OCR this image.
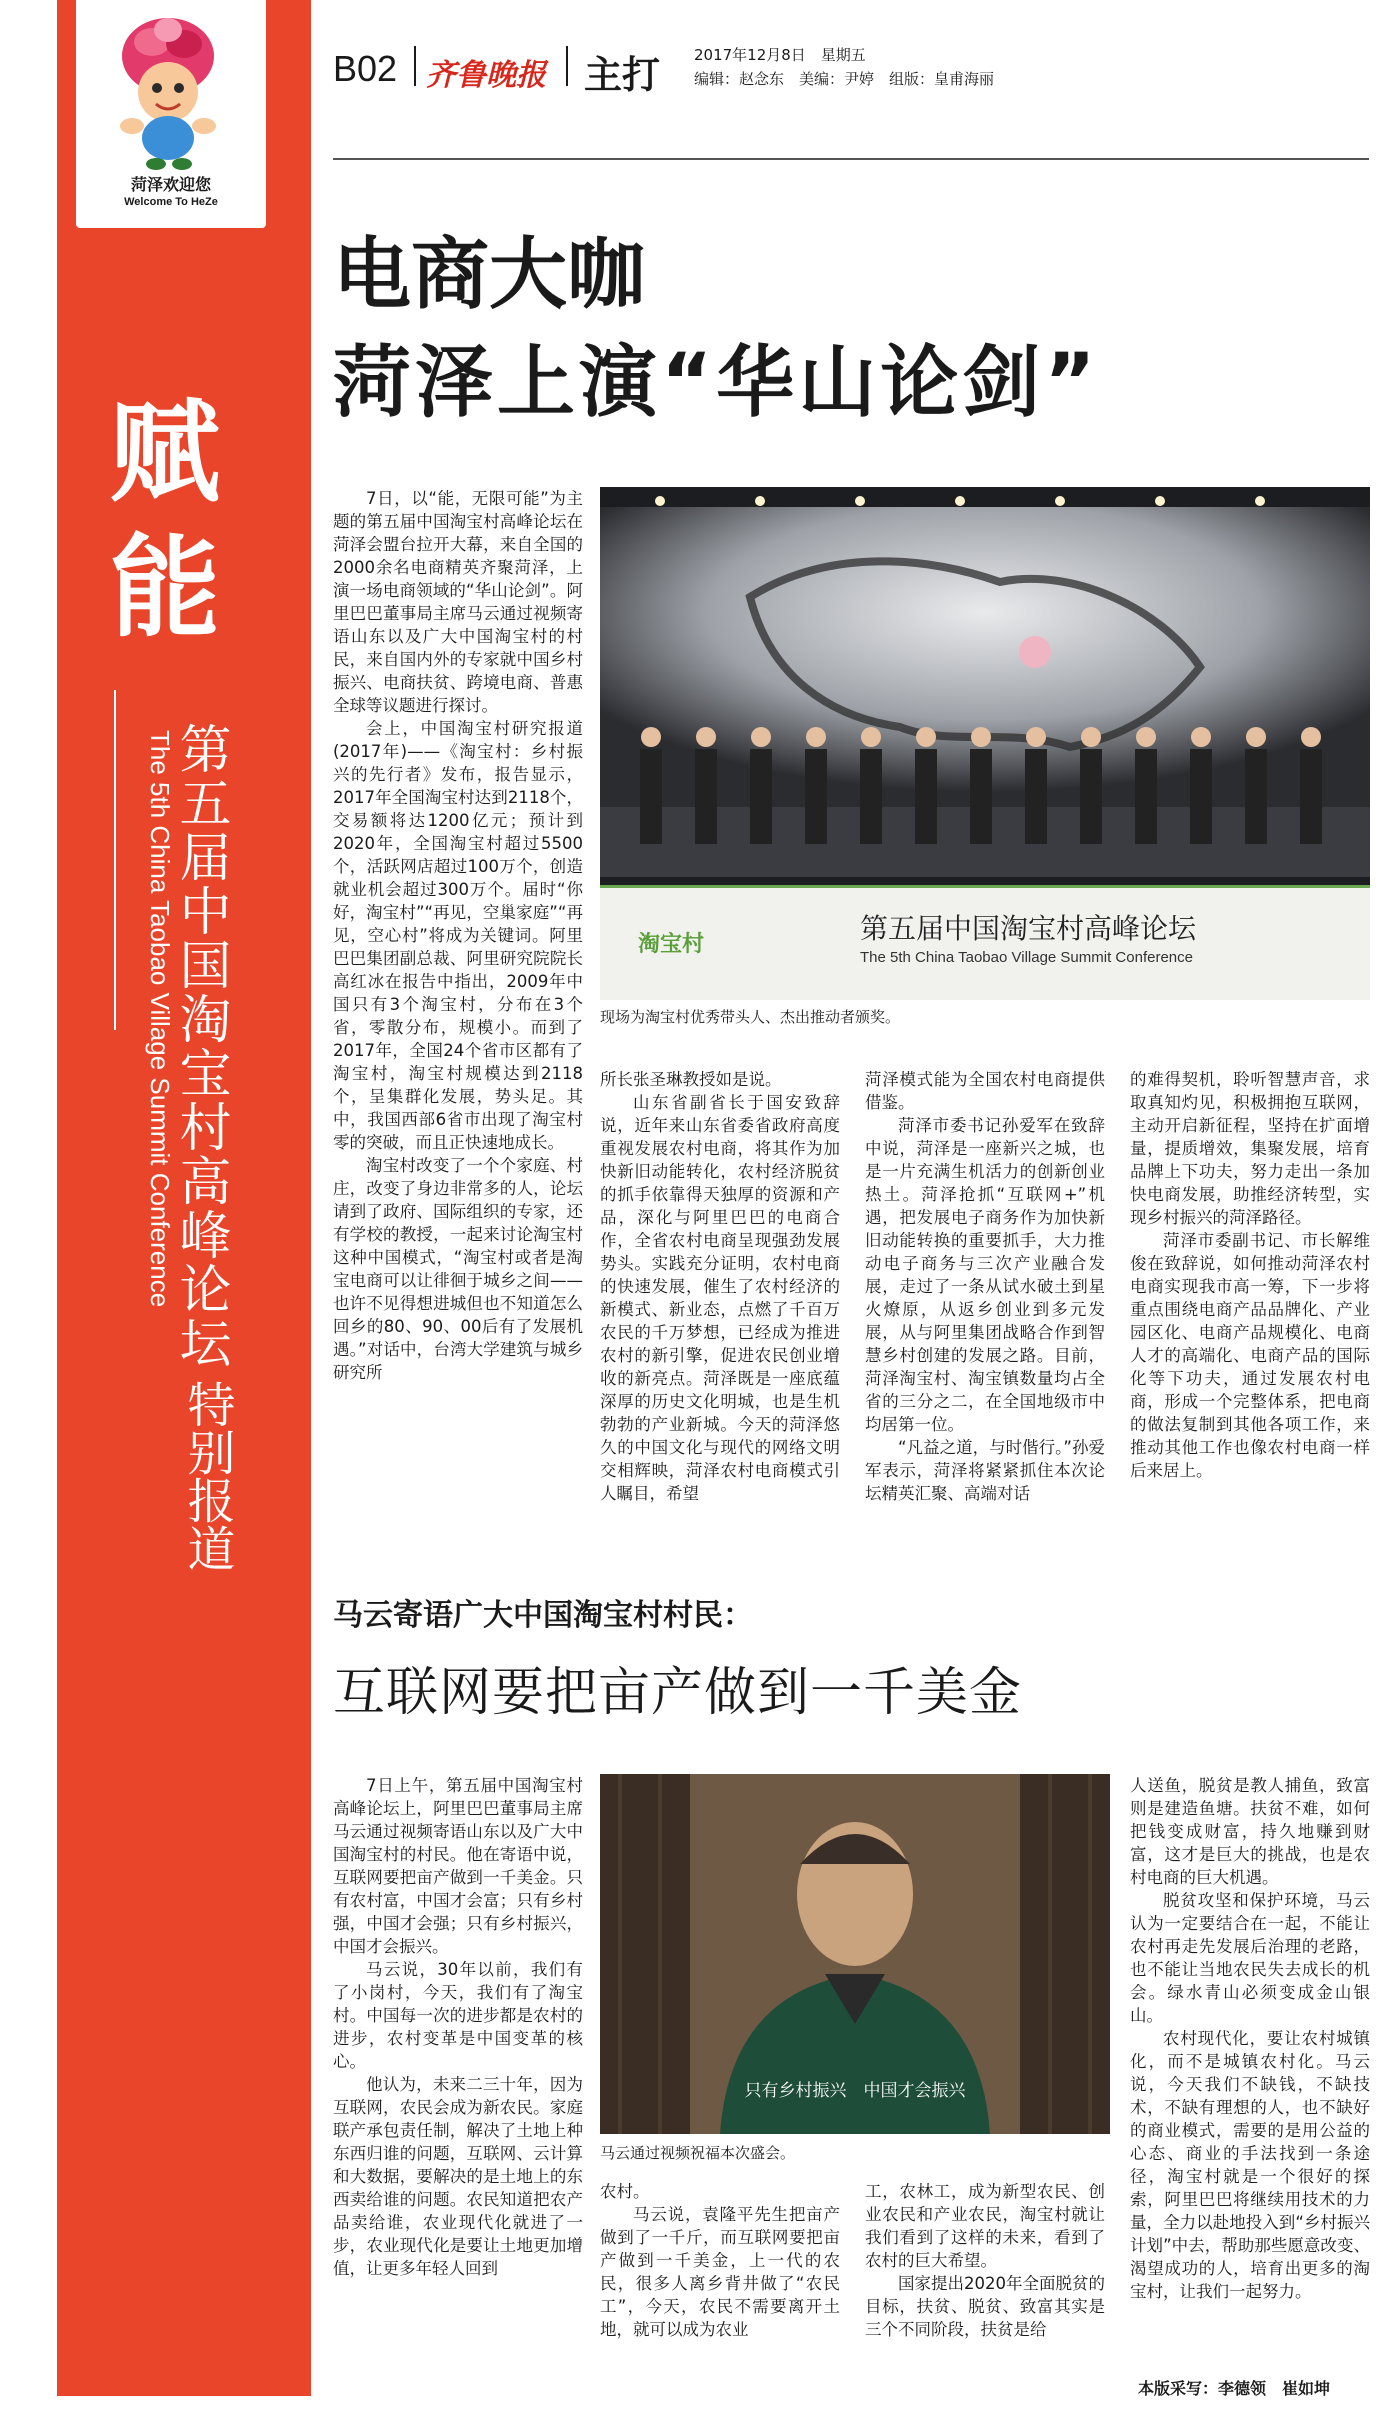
菏泽欢迎您
Welcome To HeZe
赋
能
第五届中国淘宝村高峰论坛
The 5th China Taobao Village Summit Conference
特别报道
B02 齐鲁晚报 主打 2017年12月8日　星期五
编辑：赵念东　美编：尹婷　组版：皇甫海丽
电商大咖
菏泽上演“华山论剑”

7日，以“能，无限可能”为主题的第五届中国淘宝村高峰论坛在菏泽会盟台拉开大幕，来自全国的2000余名电商精英齐聚菏泽，上演一场电商领域的“华山论剑”。阿里巴巴董事局主席马云通过视频寄语山东以及广大中国淘宝村的村民，来自国内外的专家就中国乡村振兴、电商扶贫、跨境电商、普惠全球等议题进行探讨。

会上，中国淘宝村研究报道(2017年)——《淘宝村：乡村振兴的先行者》发布，报告显示，2017年全国淘宝村达到2118个，交易额将达1200亿元；预计到2020年，全国淘宝村超过5500个，活跃网店超过100万个，创造就业机会超过300万个。届时“你好，淘宝村”“再见，空巢家庭”“再见，空心村”将成为关键词。阿里巴巴集团副总裁、阿里研究院院长高红冰在报告中指出，2009年中国只有3个淘宝村，分布在3个省，零散分布，规模小。而到了2017年，全国24个省市区都有了淘宝村，淘宝村规模达到2118个，呈集群化发展，势头足。其中，我国西部6省市出现了淘宝村零的突破，而且正快速地成长。

淘宝村改变了一个个家庭、村庄，改变了身边非常多的人，论坛请到了政府、国际组织的专家，还有学校的教授，一起来讨论淘宝村这种中国模式，“淘宝村或者是淘宝电商可以让徘徊于城乡之间——也许不见得想进城但也不知道怎么回乡的80、90、00后有了发展机遇。”对话中，台湾大学建筑与城乡研究所

淘宝村	第五届中国淘宝村高峰论坛
The 5th China Taobao Village Summit Conference
现场为淘宝村优秀带头人、杰出推动者颁奖。

所长张圣琳教授如是说。

山东省副省长于国安致辞说，近年来山东省委省政府高度重视发展农村电商，将其作为加快新旧动能转化，农村经济脱贫的抓手依靠得天独厚的资源和产品，深化与阿里巴巴的电商合作，全省农村电商呈现强劲发展势头。实践充分证明，农村电商的快速发展，催生了农村经济的新模式、新业态，点燃了千百万农民的千万梦想，已经成为推进农村的新引擎，促进农民创业增收的新亮点。菏泽既是一座底蕴深厚的历史文化明城，也是生机勃勃的产业新城。今天的菏泽悠久的中国文化与现代的网络文明交相辉映，菏泽农村电商模式引人瞩目，希望

菏泽模式能为全国农村电商提供借鉴。

菏泽市委书记孙爱军在致辞中说，菏泽是一座新兴之城，也是一片充满生机活力的创新创业热土。菏泽抢抓“互联网+”机遇，把发展电子商务作为加快新旧动能转换的重要抓手，大力推动电子商务与三次产业融合发展，走过了一条从试水破土到星火燎原，从返乡创业到多元发展，从与阿里集团战略合作到智慧乡村创建的发展之路。目前，菏泽淘宝村、淘宝镇数量均占全省的三分之二，在全国地级市中均居第一位。

“凡益之道，与时偕行。”孙爱军表示，菏泽将紧紧抓住本次论坛精英汇聚、高端对话

的难得契机，聆听智慧声音，求取真知灼见，积极拥抱互联网，主动开启新征程，坚持在扩面增量，提质增效，集聚发展，培育品牌上下功夫，努力走出一条加快电商发展，助推经济转型，实现乡村振兴的菏泽路径。

菏泽市委副书记、市长解维俊在致辞说，如何推动菏泽农村电商实现我市高一筹，下一步将重点围绕电商产品品牌化、产业园区化、电商产品规模化、电商人才的高端化、电商产品的国际化等下功夫，通过发展农村电商，形成一个完整体系，把电商的做法复制到其他各项工作，来推动其他工作也像农村电商一样后来居上。

马云寄语广大中国淘宝村村民：
互联网要把亩产做到一千美金

7日上午，第五届中国淘宝村高峰论坛上，阿里巴巴董事局主席马云通过视频寄语山东以及广大中国淘宝村的村民。他在寄语中说，互联网要把亩产做到一千美金。只有农村富，中国才会富；只有乡村强，中国才会强；只有乡村振兴，中国才会振兴。

马云说，30年以前，我们有了小岗村，今天，我们有了淘宝村。中国每一次的进步都是农村的进步，农村变革是中国变革的核心。

他认为，未来二三十年，因为互联网，农民会成为新农民。家庭联产承包责任制，解决了土地上种东西归谁的问题，互联网、云计算和大数据，要解决的是土地上的东西卖给谁的问题。农民知道把农产品卖给谁，农业现代化就进了一步，农业现代化是要让土地更加增值，让更多年轻人回到

只有乡村振兴　中国才会振兴
马云通过视频祝福本次盛会。

农村。

马云说，袁隆平先生把亩产做到了一千斤，而互联网要把亩产做到一千美金，上一代的农民，很多人离乡背井做了“农民工”，今天，农民不需要离开土地，就可以成为农业

工，农林工，成为新型农民、创业农民和产业农民，淘宝村就让我们看到了这样的未来，看到了农村的巨大希望。

国家提出2020年全面脱贫的目标，扶贫、脱贫、致富其实是三个不同阶段，扶贫是给

人送鱼，脱贫是教人捕鱼，致富则是建造鱼塘。扶贫不难，如何把钱变成财富，持久地赚到财富，这才是巨大的挑战，也是农村电商的巨大机遇。

脱贫攻坚和保护环境，马云认为一定要结合在一起，不能让农村再走先发展后治理的老路，也不能让当地农民失去成长的机会。绿水青山必须变成金山银山。

农村现代化，要让农村城镇化，而不是城镇农村化。马云说，今天我们不缺钱，不缺技术，不缺有理想的人，也不缺好的商业模式，需要的是用公益的心态、商业的手法找到一条途径，淘宝村就是一个很好的探索，阿里巴巴将继续用技术的力量，全力以赴地投入到“乡村振兴计划”中去，帮助那些愿意改变、渴望成功的人，培育出更多的淘宝村，让我们一起努力。

本版采写：李德领　崔如坤
